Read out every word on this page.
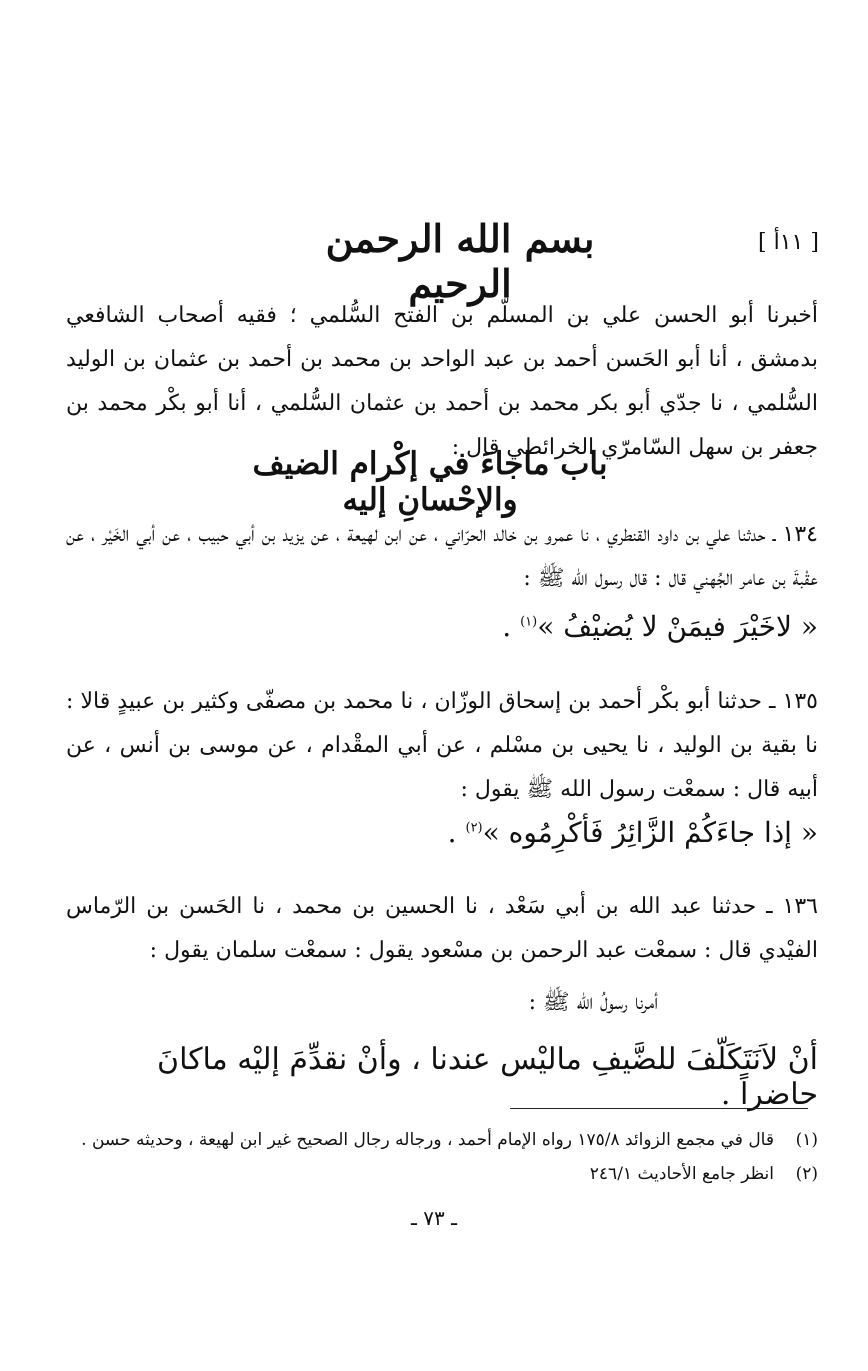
[ ١١أ ]
بسم الله الرحمن الرحيم
أخبرنا أبو الحسن علي بن المسلّم بن الفتح السُّلمي ؛ فقيه أصحاب الشافعي بدمشق ، أنا أبو الحَسن أحمد بن عبد الواحد بن محمد بن أحمد بن عثمان بن الوليد السُّلمي ، نا جدّي أبو بكر محمد بن أحمد بن عثمان السُّلمي ، أنا أبو بكْر محمد بن جعفر بن سهل السّامرّي الخرائطي قال :
باب ماجاءَ في إكْرام الضيف والإحْسانِ إليه
١٣٤ ـ حدثنا علي بن داود القنطري ، نا عمرو بن خالد الحرّاني ، عن ابن لهيعة ، عن يزيد بن أبي حبيب ، عن أبي الخَيْر ، عن عقْبةَ بن عامر الجُهني قال : قال رسول الله ﷺ :
« لاخَيْرَ فيمَنْ لا يُضيْفُ »$^{(١)}$ .
١٣٥ ـ حدثنا أبو بكْر أحمد بن إسحاق الوزّان ، نا محمد بن مصفّى وكثير بن عبيدٍ قالا : نا بقية بن الوليد ، نا يحيى بن مسْلم ، عن أبي المقْدام ، عن موسى بن أنس ، عن أبيه قال : سمعْت رسول الله ﷺ يقول :
« إذا جاءَكُمْ الزَّائِرُ فَأكْرِمُوه »$^{(٢)}$ .
١٣٦ ـ حدثنا عبد الله بن أبي سَعْد ، نا الحسين بن محمد ، نا الحَسن بن الرّماس الفيْدي قال : سمعْت عبد الرحمن بن مسْعود يقول : سمعْت سلمان يقول :
أمرنا رسولُ الله ﷺ :
أنْ لاَنَتَكَلّفَ للضَّيفِ ماليْس عندنا ، وأنْ نقدِّمَ إليْه ماكانَ حاضراً .
(١)قال في مجمع الزوائد ١٧٥/٨ رواه الإمام أحمد ، ورجاله رجال الصحيح غير ابن لهيعة ، وحديثه حسن .
(٢)انظر جامع الأحاديث ٢٤٦/١
ـ ٧٣ ـ
